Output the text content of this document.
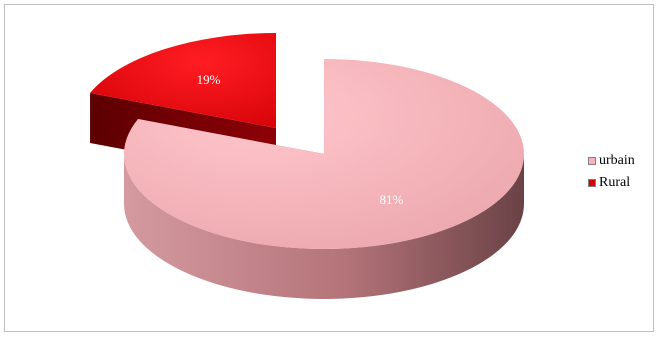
19%
81%
urbain
Rural
